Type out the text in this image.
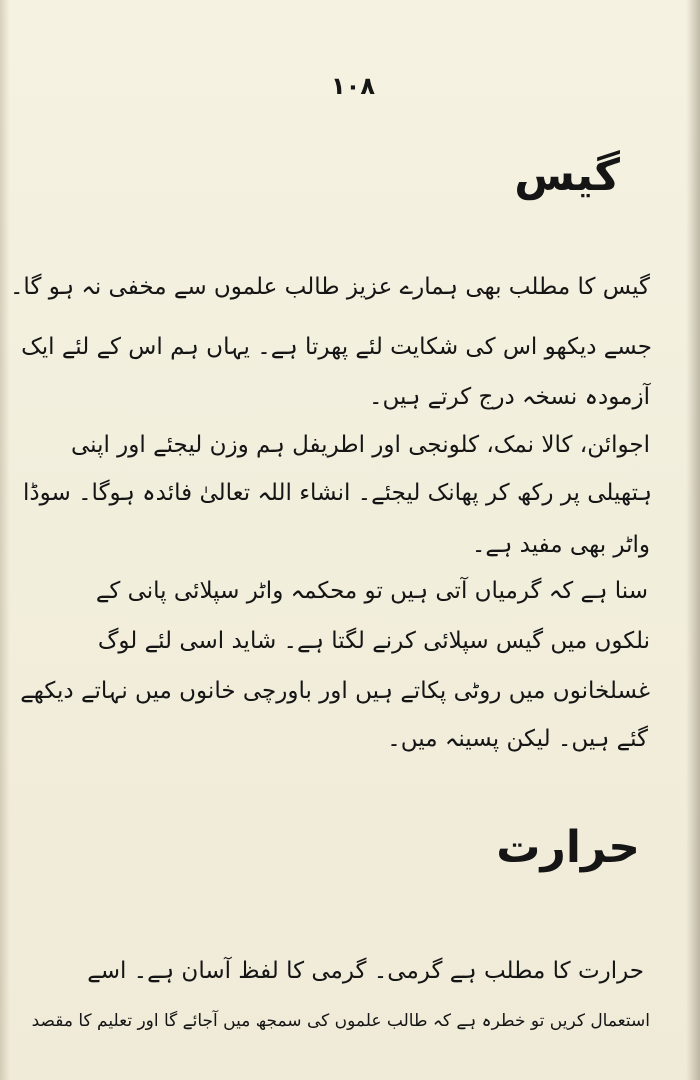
١٠٨
گیس
گیس کا مطلب بھی ہمارے عزیز طالب علموں سے مخفی نہ ہو گا۔
جسے دیکھو اس کی شکایت لئے پھرتا ہے۔ یہاں ہم اس کے لئے ایک
آزمودہ نسخہ درج کرتے ہیں۔
اجوائن، کالا نمک، کلونجی اور اطریفل ہم وزن لیجئے اور اپنی
ہتھیلی پر رکھ کر پھانک لیجئے۔ انشاء اللہ تعالیٰ فائدہ ہوگا۔ سوڈا
واٹر بھی مفید ہے۔
سنا ہے کہ گرمیاں آتی ہیں تو محکمہ واٹر سپلائی پانی کے
نلکوں میں گیس سپلائی کرنے لگتا ہے۔ شاید اسی لئے لوگ
غسلخانوں میں روٹی پکاتے ہیں اور باورچی خانوں میں نہاتے دیکھے
گئے ہیں۔ لیکن پسینہ میں۔
حرارت
حرارت کا مطلب ہے گرمی۔ گرمی کا لفظ آسان ہے۔ اسے
استعمال کریں تو خطرہ ہے کہ طالب علموں کی سمجھ میں آجائے گا اور تعلیم کا مقصد
